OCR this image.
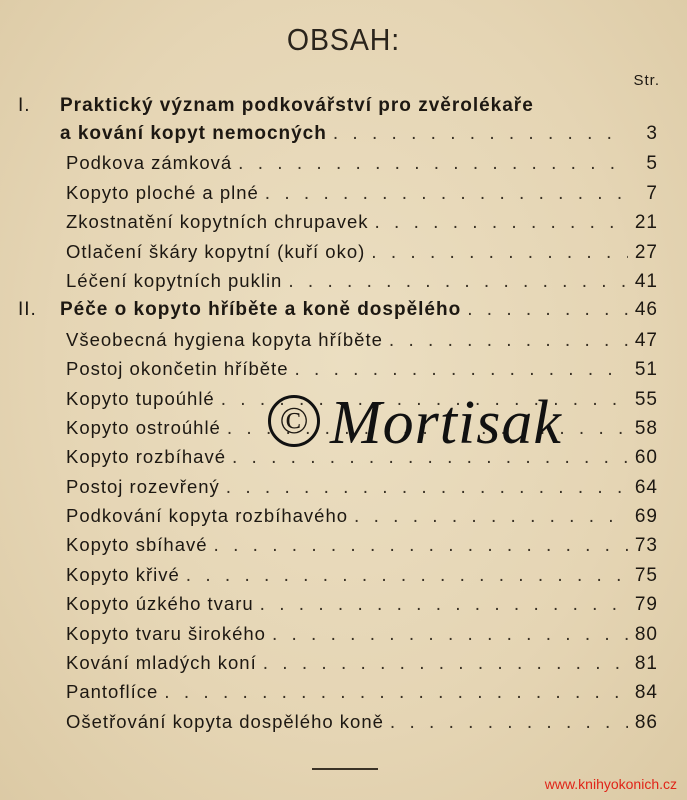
OBSAH:
Str.
I. Praktický význam podkovářství pro zvěrolékaře
a kování kopyt nemocných . . .	3
Podkova zámková . . .	5
Kopyto ploché a plné . . .	7
Zkostnatění kopytních chrupavek . . .	21
Otlačení škáry kopytní (kuří oko) . . .	27
Léčení kopytních puklin . . .	41
II. Péče o kopyto hříběte a koně dospělého . . .	46
Všeobecná hygiena kopyta hříběte . . .	47
Postoj okončetin hříběte . . .	51
Kopyto tupoúhlé . . .	55
Kopyto ostroúhlé . . .	58
Kopyto rozbíhavé . . .	60
Postoj rozevřený . . .	64
Podkování kopyta rozbíhavého . . .	69
Kopyto sbíhavé . . .	73
Kopyto křivé . . .	75
Kopyto úzkého tvaru . . .	79
Kopyto tvaru širokého . . .	80
Kování mladých koní . . .	81
Pantoflíce . . .	84
Ošetřování kopyta dospělého koně . . .	86
© Mortisak
www.knihyokonich.cz
